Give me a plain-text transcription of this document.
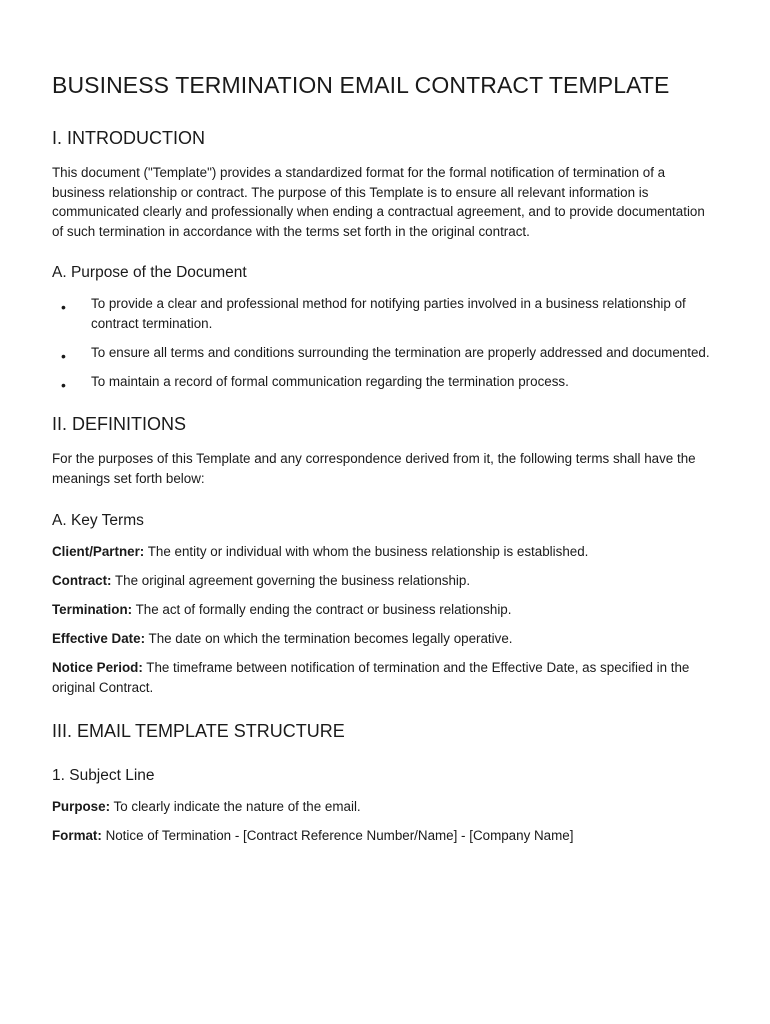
BUSINESS TERMINATION EMAIL CONTRACT TEMPLATE
I. INTRODUCTION

This document ("Template") provides a standardized format for the formal notification of termination of a business relationship or contract. The purpose of this Template is to ensure all relevant information is communicated clearly and professionally when ending a contractual agreement, and to provide documentation of such termination in accordance with the terms set forth in the original contract.

A. Purpose of the Document
• To provide a clear and professional method for notifying parties involved in a business relationship of contract termination.
• To ensure all terms and conditions surrounding the termination are properly addressed and documented.
• To maintain a record of formal communication regarding the termination process.
II. DEFINITIONS

For the purposes of this Template and any correspondence derived from it, the following terms shall have the meanings set forth below:

A. Key Terms

Client/Partner: The entity or individual with whom the business relationship is established.

Contract: The original agreement governing the business relationship.

Termination: The act of formally ending the contract or business relationship.

Effective Date: The date on which the termination becomes legally operative.

Notice Period: The timeframe between notification of termination and the Effective Date, as specified in the original Contract.

III. EMAIL TEMPLATE STRUCTURE
1. Subject Line

Purpose: To clearly indicate the nature of the email.

Format: Notice of Termination - [Contract Reference Number/Name] - [Company Name]
